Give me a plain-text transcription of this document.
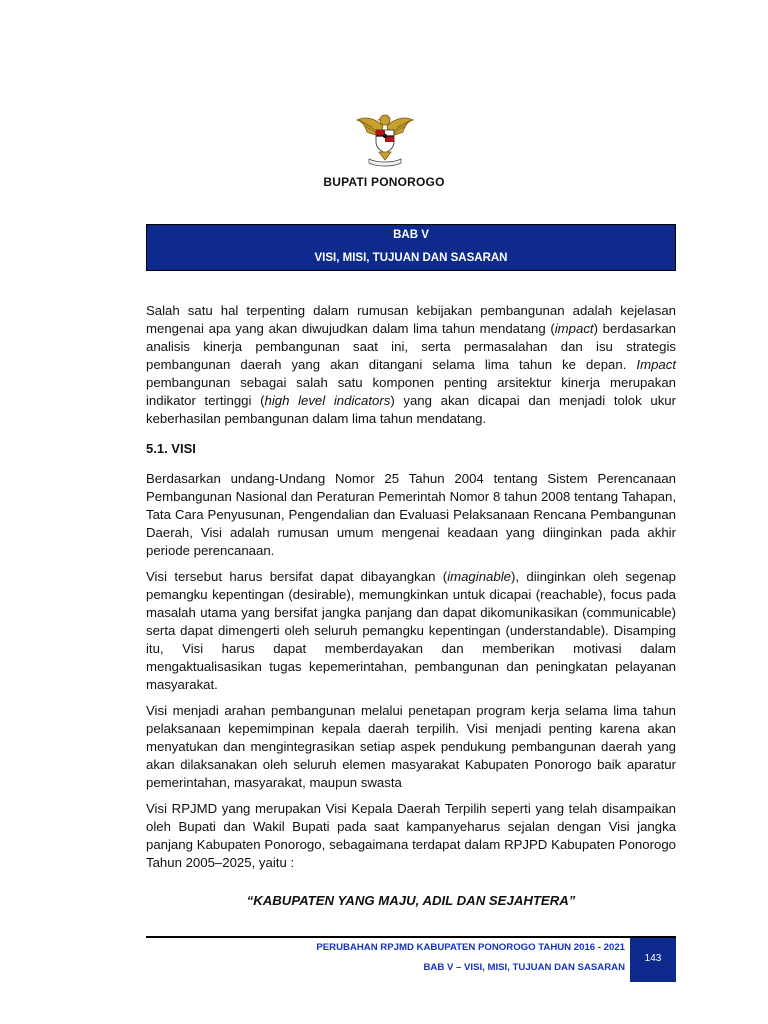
BUPATI PONOROGO
BAB V
VISI, MISI, TUJUAN DAN SASARAN

Salah satu hal terpenting dalam rumusan kebijakan pembangunan adalah kejelasan mengenai apa yang akan diwujudkan dalam lima tahun mendatang (impact) berdasarkan analisis kinerja pembangunan saat ini, serta permasalahan dan isu strategis pembangunan daerah yang akan ditangani selama lima tahun ke depan. Impact pembangunan sebagai salah satu komponen penting arsitektur kinerja merupakan indikator tertinggi (high level indicators) yang akan dicapai dan menjadi tolok ukur keberhasilan pembangunan dalam lima tahun mendatang.

5.1. VISI

Berdasarkan undang-Undang Nomor 25 Tahun 2004 tentang Sistem Perencanaan Pembangunan Nasional dan Peraturan Pemerintah Nomor 8 tahun 2008 tentang Tahapan, Tata Cara Penyusunan, Pengendalian dan Evaluasi Pelaksanaan Rencana Pembangunan Daerah, Visi adalah rumusan umum mengenai keadaan yang diinginkan pada akhir periode perencanaan.

Visi tersebut harus bersifat dapat dibayangkan (imaginable), diinginkan oleh segenap pemangku kepentingan (desirable), memungkinkan untuk dicapai (reachable), focus pada masalah utama yang bersifat jangka panjang dan dapat dikomunikasikan (communicable) serta dapat dimengerti oleh seluruh pemangku kepentingan (understandable). Disamping itu, Visi harus dapat memberdayakan dan memberikan motivasi dalam mengaktualisasikan tugas kepemerintahan, pembangunan dan peningkatan pelayanan masyarakat.

Visi menjadi arahan pembangunan melalui penetapan program kerja selama lima tahun pelaksanaan kepemimpinan kepala daerah terpilih. Visi menjadi penting karena akan menyatukan dan mengintegrasikan setiap aspek pendukung pembangunan daerah yang akan dilaksanakan oleh seluruh elemen masyarakat Kabupaten Ponorogo baik aparatur pemerintahan, masyarakat, maupun swasta

Visi RPJMD yang merupakan Visi Kepala Daerah Terpilih seperti yang telah disampaikan oleh Bupati dan Wakil Bupati pada saat kampanyeharus sejalan dengan Visi jangka panjang Kabupaten Ponorogo, sebagaimana terdapat dalam RPJPD Kabupaten Ponorogo Tahun 2005–2025, yaitu :

“KABUPATEN YANG MAJU, ADIL DAN SEJAHTERA”
PERUBAHAN RPJMD KABUPATEN PONOROGO TAHUN 2016 - 2021
BAB V – VISI, MISI, TUJUAN DAN SASARAN
143
